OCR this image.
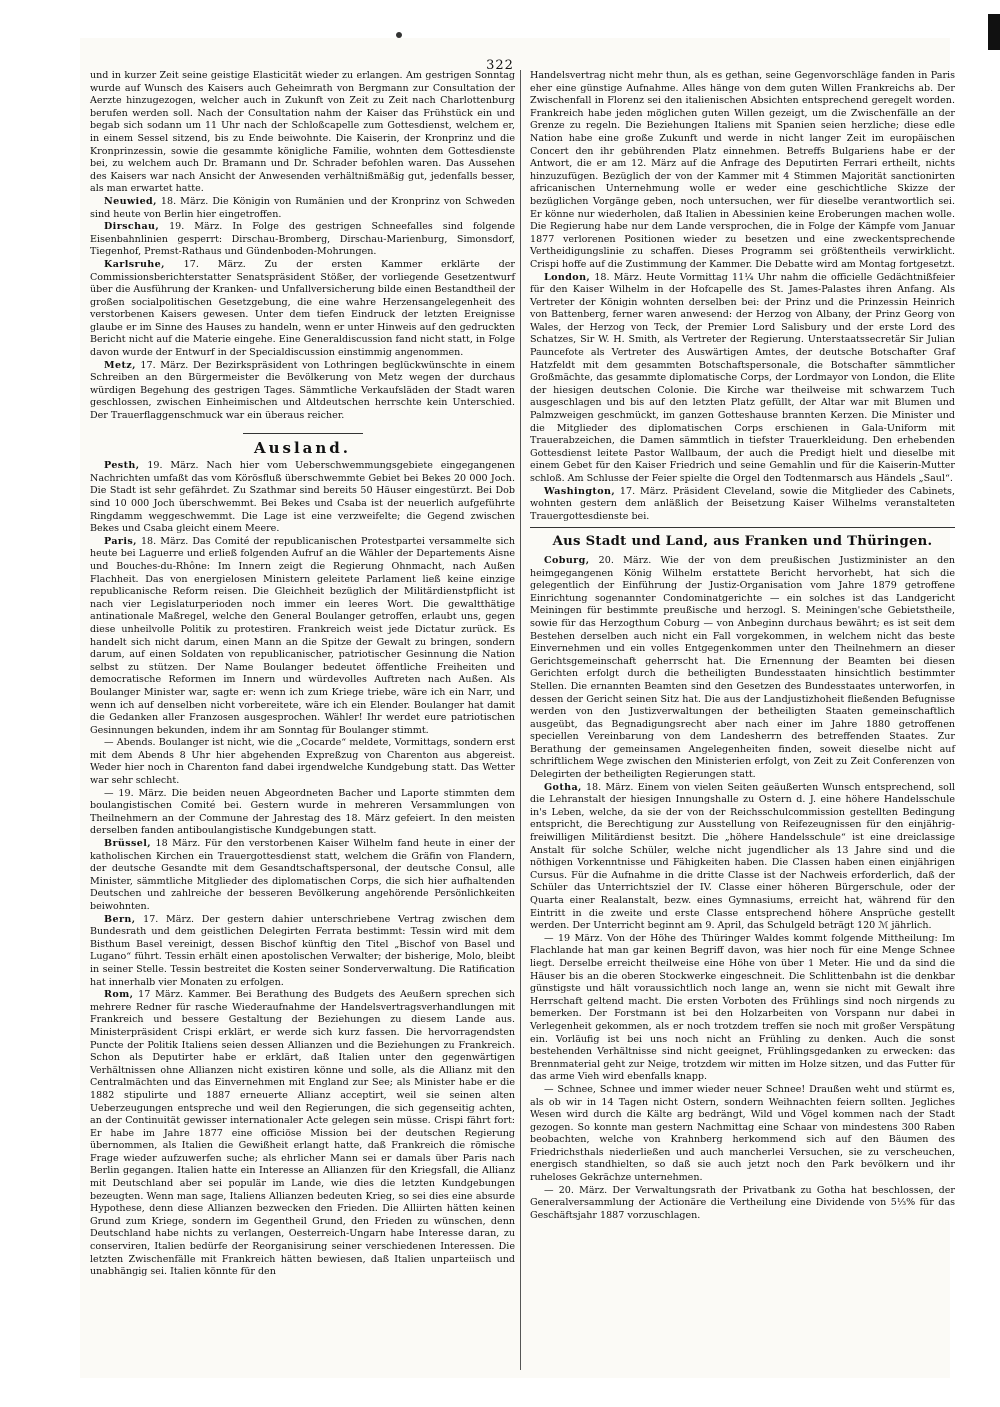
322

und in kurzer Zeit seine geistige Elasticität wieder zu erlangen. Am gestrigen Sonntag wurde auf Wunsch des Kaisers auch Geheimrath von Bergmann zur Consultation der Aerzte hinzugezogen, welcher auch in Zukunft von Zeit zu Zeit nach Charlottenburg berufen werden soll. Nach der Consultation nahm der Kaiser das Frühstück ein und begab sich sodann um 11 Uhr nach der Schloßcapelle zum Gottesdienst, welchem er, in einem Sessel sitzend, bis zu Ende beiwohnte. Die Kaiserin, der Kronprinz und die Kronprinzessin, sowie die gesammte königliche Familie, wohnten dem Gottesdienste bei, zu welchem auch Dr. Bramann und Dr. Schrader befohlen waren. Das Aussehen des Kaisers war nach Ansicht der Anwesenden verhältnißmäßig gut, jedenfalls besser, als man erwartet hatte.

Neuwied, 18. März. Die Königin von Rumänien und der Kronprinz von Schweden sind heute von Berlin hier eingetroffen.

Dirschau, 19. März. In Folge des gestrigen Schneefalles sind folgende Eisenbahnlinien gesperrt: Dirschau-Bromberg, Dirschau-Marienburg, Simonsdorf, Tiegenhof, Premst-Rathaus und Gündenboden-Mohrungen.

Karlsruhe, 17. März. Zu der ersten Kammer erklärte der Commissionsberichterstatter Senatspräsident Stößer, der vorliegende Gesetzentwurf über die Ausführung der Kranken- und Unfallversicherung bilde einen Bestandtheil der großen socialpolitischen Gesetzgebung, die eine wahre Herzensangelegenheit des verstorbenen Kaisers gewesen. Unter dem tiefen Eindruck der letzten Ereignisse glaube er im Sinne des Hauses zu handeln, wenn er unter Hinweis auf den gedruckten Bericht nicht auf die Materie eingehe. Eine Generaldiscussion fand nicht statt, in Folge davon wurde der Entwurf in der Specialdiscussion einstimmig angenommen.

Metz, 17. März. Der Bezirkspräsident von Lothringen beglückwünschte in einem Schreiben an den Bürgermeister die Bevölkerung von Metz wegen der durchaus würdigen Begehung des gestrigen Tages. Sämmtliche Verkaufsläden der Stadt waren geschlossen, zwischen Einheimischen und Altdeutschen herrschte kein Unterschied. Der Trauerflaggenschmuck war ein überaus reicher.

Ausland.

Pesth, 19. März. Nach hier vom Ueberschwemmungsgebiete eingegangenen Nachrichten umfaßt das vom Körösfluß überschwemmte Gebiet bei Bekes 20 000 Joch. Die Stadt ist sehr gefährdet. Zu Szathmar sind bereits 50 Häuser eingestürzt. Bei Dob sind 10 000 Joch überschwemmt. Bei Bekes und Csaba ist der neuerlich aufgeführte Ringdamm weggeschwemmt. Die Lage ist eine verzweifelte; die Gegend zwischen Bekes und Csaba gleicht einem Meere.

Paris, 18. März. Das Comité der republicanischen Protestpartei versammelte sich heute bei Laguerre und erließ folgenden Aufruf an die Wähler der Departements Aisne und Bouches-du-Rhône: Im Innern zeigt die Regierung Ohnmacht, nach Außen Flachheit. Das von energielosen Ministern geleitete Parlament ließ keine einzige republicanische Reform reisen. Die Gleichheit bezüglich der Militärdienstpflicht ist nach vier Legislaturperioden noch immer ein leeres Wort. Die gewaltthätige antinationale Maßregel, welche den General Boulanger getroffen, erlaubt uns, gegen diese unheilvolle Politik zu protestiren. Frankreich weist jede Dictatur zurück. Es handelt sich nicht darum, einen Mann an die Spitze der Gewalt zu bringen, sondern darum, auf einen Soldaten von republicanischer, patriotischer Gesinnung die Nation selbst zu stützen. Der Name Boulanger bedeutet öffentliche Freiheiten und democratische Reformen im Innern und würdevolles Auftreten nach Außen. Als Boulanger Minister war, sagte er: wenn ich zum Kriege triebe, wäre ich ein Narr, und wenn ich auf denselben nicht vorbereitete, wäre ich ein Elender. Boulanger hat damit die Gedanken aller Franzosen ausgesprochen. Wähler! Ihr werdet eure patriotischen Gesinnungen bekunden, indem ihr am Sonntag für Boulanger stimmt.

— Abends. Boulanger ist nicht, wie die „Cocarde“ meldete, Vormittags, sondern erst mit dem Abends 8 Uhr hier abgehenden Expreßzug von Charenton aus abgereist. Weder hier noch in Charenton fand dabei irgendwelche Kundgebung statt. Das Wetter war sehr schlecht.

— 19. März. Die beiden neuen Abgeordneten Bacher und Laporte stimmten dem boulangistischen Comité bei. Gestern wurde in mehreren Versammlungen von Theilnehmern an der Commune der Jahrestag des 18. März gefeiert. In den meisten derselben fanden antiboulangistische Kundgebungen statt.

Brüssel, 18 März. Für den verstorbenen Kaiser Wilhelm fand heute in einer der katholischen Kirchen ein Trauergottesdienst statt, welchem die Gräfin von Flandern, der deutsche Gesandte mit dem Gesandtschaftspersonal, der deutsche Consul, alle Minister, sämmtliche Mitglieder des diplomatischen Corps, die sich hier aufhaltenden Deutschen und zahlreiche der besseren Bevölkerung angehörende Persönlichkeiten beiwohnten.

Bern, 17. März. Der gestern dahier unterschriebene Vertrag zwischen dem Bundesrath und dem geistlichen Delegirten Ferrata bestimmt: Tessin wird mit dem Bisthum Basel vereinigt, dessen Bischof künftig den Titel „Bischof von Basel und Lugano“ führt. Tessin erhält einen apostolischen Verwalter; der bisherige, Molo, bleibt in seiner Stelle. Tessin bestreitet die Kosten seiner Sonderverwaltung. Die Ratification hat innerhalb vier Monaten zu erfolgen.

Rom, 17 März. Kammer. Bei Berathung des Budgets des Aeußern sprechen sich mehrere Redner für rasche Wiederaufnahme der Handelsvertragsverhandlungen mit Frankreich und bessere Gestaltung der Beziehungen zu diesem Lande aus. Ministerpräsident Crispi erklärt, er werde sich kurz fassen. Die hervorragendsten Puncte der Politik Italiens seien dessen Allianzen und die Beziehungen zu Frankreich. Schon als Deputirter habe er erklärt, daß Italien unter den gegenwärtigen Verhältnissen ohne Allianzen nicht existiren könne und solle, als die Allianz mit den Centralmächten und das Einvernehmen mit England zur See; als Minister habe er die 1882 stipulirte und 1887 erneuerte Allianz acceptirt, weil sie seinen alten Ueberzeugungen entspreche und weil den Regierungen, die sich gegenseitig achten, an der Continuität gewisser internationaler Acte gelegen sein müsse. Crispi fährt fort: Er habe im Jahre 1877 eine officiöse Mission bei der deutschen Regierung übernommen, als Italien die Gewißheit erlangt hatte, daß Frankreich die römische Frage wieder aufzuwerfen suche; als ehrlicher Mann sei er damals über Paris nach Berlin gegangen. Italien hatte ein Interesse an Allianzen für den Kriegsfall, die Allianz mit Deutschland aber sei populär im Lande, wie dies die letzten Kundgebungen bezeugten. Wenn man sage, Italiens Allianzen bedeuten Krieg, so sei dies eine absurde Hypothese, denn diese Allianzen bezwecken den Frieden. Die Alliirten hätten keinen Grund zum Kriege, sondern im Gegentheil Grund, den Frieden zu wünschen, denn Deutschland habe nichts zu verlangen, Oesterreich-Ungarn habe Interesse daran, zu conserviren, Italien bedürfe der Reorganisirung seiner verschiedenen Interessen. Die letzten Zwischenfälle mit Frankreich hätten bewiesen, daß Italien unparteiisch und unabhängig sei. Italien könnte für den

Handelsvertrag nicht mehr thun, als es gethan, seine Gegenvorschläge fanden in Paris eher eine günstige Aufnahme. Alles hänge von dem guten Willen Frankreichs ab. Der Zwischenfall in Florenz sei den italienischen Absichten entsprechend geregelt worden. Frankreich habe jeden möglichen guten Willen gezeigt, um die Zwischenfälle an der Grenze zu regeln. Die Beziehungen Italiens mit Spanien seien herzliche; diese edle Nation habe eine große Zukunft und werde in nicht langer Zeit im europäischen Concert den ihr gebührenden Platz einnehmen. Betreffs Bulgariens habe er der Antwort, die er am 12. März auf die Anfrage des Deputirten Ferrari ertheilt, nichts hinzuzufügen. Bezüglich der von der Kammer mit 4 Stimmen Majorität sanctionirten africanischen Unternehmung wolle er weder eine geschichtliche Skizze der bezüglichen Vorgänge geben, noch untersuchen, wer für dieselbe verantwortlich sei. Er könne nur wiederholen, daß Italien in Abessinien keine Eroberungen machen wolle. Die Regierung habe nur dem Lande versprochen, die in Folge der Kämpfe vom Januar 1877 verlorenen Positionen wieder zu besetzen und eine zweckentsprechende Vertheidigungslinie zu schaffen. Dieses Programm sei größtentheils verwirklicht. Crispi hoffe auf die Zustimmung der Kammer. Die Debatte wird am Montag fortgesetzt.

London, 18. März. Heute Vormittag 11¼ Uhr nahm die officielle Gedächtnißfeier für den Kaiser Wilhelm in der Hofcapelle des St. James-Palastes ihren Anfang. Als Vertreter der Königin wohnten derselben bei: der Prinz und die Prinzessin Heinrich von Battenberg, ferner waren anwesend: der Herzog von Albany, der Prinz Georg von Wales, der Herzog von Teck, der Premier Lord Salisbury und der erste Lord des Schatzes, Sir W. H. Smith, als Vertreter der Regierung. Unterstaatssecretär Sir Julian Pauncefote als Vertreter des Auswärtigen Amtes, der deutsche Botschafter Graf Hatzfeldt mit dem gesammten Botschaftspersonale, die Botschafter sämmtlicher Großmächte, das gesammte diplomatische Corps, der Lordmayor von London, die Elite der hiesigen deutschen Colonie. Die Kirche war theilweise mit schwarzem Tuch ausgeschlagen und bis auf den letzten Platz gefüllt, der Altar war mit Blumen und Palmzweigen geschmückt, im ganzen Gotteshause brannten Kerzen. Die Minister und die Mitglieder des diplomatischen Corps erschienen in Gala-Uniform mit Trauerabzeichen, die Damen sämmtlich in tiefster Trauerkleidung. Den erhebenden Gottesdienst leitete Pastor Wallbaum, der auch die Predigt hielt und dieselbe mit einem Gebet für den Kaiser Friedrich und seine Gemahlin und für die Kaiserin-Mutter schloß. Am Schlusse der Feier spielte die Orgel den Todtenmarsch aus Händels „Saul“.

Washington, 17. März. Präsident Cleveland, sowie die Mitglieder des Cabinets, wohnten gestern dem anläßlich der Beisetzung Kaiser Wilhelms veranstalteten Trauergottesdienste bei.

Aus Stadt und Land, aus Franken und Thüringen.

Coburg, 20. März. Wie der von dem preußischen Justizminister an den heimgegangenen König Wilhelm erstattete Bericht hervorhebt, hat sich die gelegentlich der Einführung der Justiz-Organisation vom Jahre 1879 getroffene Einrichtung sogenannter Condominatgerichte — ein solches ist das Landgericht Meiningen für bestimmte preußische und herzogl. S. Meiningen'sche Gebietstheile, sowie für das Herzogthum Coburg — von Anbeginn durchaus bewährt; es ist seit dem Bestehen derselben auch nicht ein Fall vorgekommen, in welchem nicht das beste Einvernehmen und ein volles Entgegenkommen unter den Theilnehmern an dieser Gerichtsgemeinschaft geherrscht hat. Die Ernennung der Beamten bei diesen Gerichten erfolgt durch die betheiligten Bundesstaaten hinsichtlich bestimmter Stellen. Die ernannten Beamten sind den Gesetzen des Bundesstaates unterworfen, in dessen der Gericht seinen Sitz hat. Die aus der Landjustizhoheit fließenden Befugnisse werden von den Justizverwaltungen der betheiligten Staaten gemeinschaftlich ausgeübt, das Begnadigungsrecht aber nach einer im Jahre 1880 getroffenen speciellen Vereinbarung von dem Landesherrn des betreffenden Staates. Zur Berathung der gemeinsamen Angelegenheiten finden, soweit dieselbe nicht auf schriftlichem Wege zwischen den Ministerien erfolgt, von Zeit zu Zeit Conferenzen von Delegirten der betheiligten Regierungen statt.

Gotha, 18. März. Einem von vielen Seiten geäußerten Wunsch entsprechend, soll die Lehranstalt der hiesigen Innungshalle zu Ostern d. J. eine höhere Handelsschule in's Leben, welche, da sie der von der Reichsschulcommission gestellten Bedingung entspricht, die Berechtigung zur Ausstellung von Reifezeugnissen für den einjährig-freiwilligen Militärdienst besitzt. Die „höhere Handelsschule“ ist eine dreiclassige Anstalt für solche Schüler, welche nicht jugendlicher als 13 Jahre sind und die nöthigen Vorkenntnisse und Fähigkeiten haben. Die Classen haben einen einjährigen Cursus. Für die Aufnahme in die dritte Classe ist der Nachweis erforderlich, daß der Schüler das Unterrichtsziel der IV. Classe einer höheren Bürgerschule, oder der Quarta einer Realanstalt, bezw. eines Gymnasiums, erreicht hat, während für den Eintritt in die zweite und erste Classe entsprechend höhere Ansprüche gestellt werden. Der Unterricht beginnt am 9. April, das Schulgeld beträgt 120 ℳ jährlich.

— 19 März. Von der Höhe des Thüringer Waldes kommt folgende Mittheilung: Im Flachlande hat man gar keinen Begriff davon, was hier noch für eine Menge Schnee liegt. Derselbe erreicht theilweise eine Höhe von über 1 Meter. Hie und da sind die Häuser bis an die oberen Stockwerke eingeschneit. Die Schlittenbahn ist die denkbar günstigste und hält voraussichtlich noch lange an, wenn sie nicht mit Gewalt ihre Herrschaft geltend macht. Die ersten Vorboten des Frühlings sind noch nirgends zu bemerken. Der Forstmann ist bei den Holzarbeiten von Vorspann nur dabei in Verlegenheit gekommen, als er noch trotzdem treffen sie noch mit großer Verspätung ein. Vorläufig ist bei uns noch nicht an Frühling zu denken. Auch die sonst bestehenden Verhältnisse sind nicht geeignet, Frühlingsgedanken zu erwecken: das Brennmaterial geht zur Neige, trotzdem wir mitten im Holze sitzen, und das Futter für das arme Vieh wird ebenfalls knapp.

— Schnee, Schnee und immer wieder neuer Schnee! Draußen weht und stürmt es, als ob wir in 14 Tagen nicht Ostern, sondern Weihnachten feiern sollten. Jegliches Wesen wird durch die Kälte arg bedrängt, Wild und Vögel kommen nach der Stadt gezogen. So konnte man gestern Nachmittag eine Schaar von mindestens 300 Raben beobachten, welche von Krahnberg herkommend sich auf den Bäumen des Friedrichsthals niederließen und auch mancherlei Versuchen, sie zu verscheuchen, energisch standhielten, so daß sie auch jetzt noch den Park bevölkern und ihr ruheloses Gekrächze unternehmen.

— 20. März. Der Verwaltungsrath der Privatbank zu Gotha hat beschlossen, der Generalversammlung der Actionäre die Vertheilung eine Dividende von 5⅓% für das Geschäftsjahr 1887 vorzuschlagen.
